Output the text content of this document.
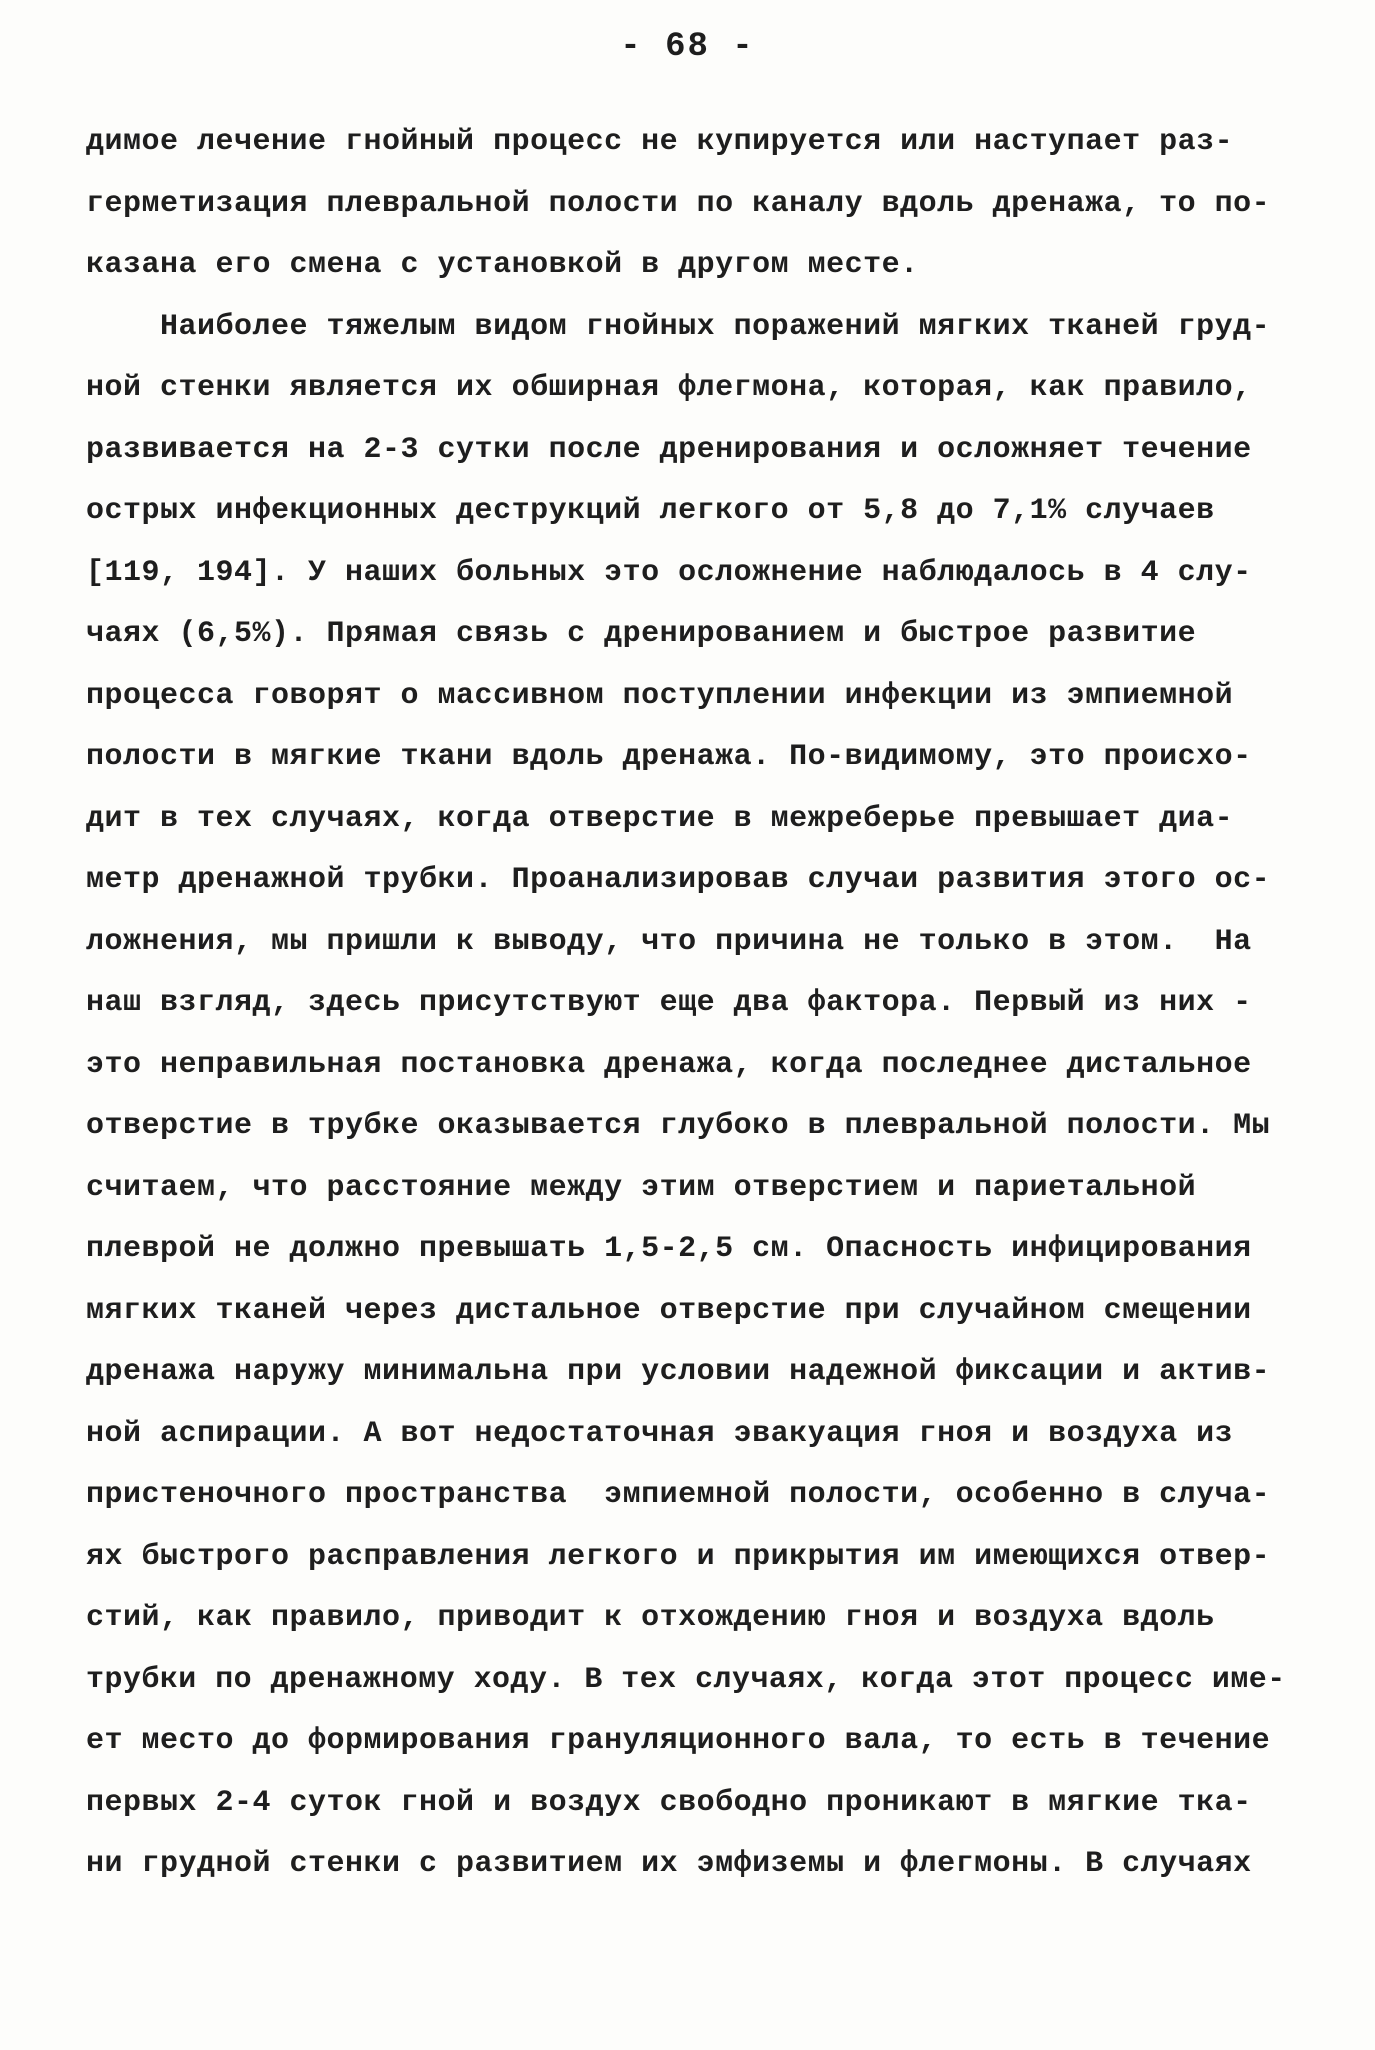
- 68 -
димое лечение гнойный процесс не купируется или наступает раз-
герметизация плевральной полости по каналу вдоль дренажа, то по-
казана его смена с установкой в другом месте.
Наиболее тяжелым видом гнойных поражений мягких тканей груд-
ной стенки является их обширная флегмона, которая, как правило,
развивается на 2-3 сутки после дренирования и осложняет течение
острых инфекционных деструкций легкого от 5,8 до 7,1% случаев
[119, 194]. У наших больных это осложнение наблюдалось в 4 слу-
чаях (6,5%). Прямая связь с дренированием и быстрое развитие
процесса говорят о массивном поступлении инфекции из эмпиемной
полости в мягкие ткани вдоль дренажа. По-видимому, это происхо-
дит в тех случаях, когда отверстие в межреберье превышает диа-
метр дренажной трубки. Проанализировав случаи развития этого ос-
ложнения, мы пришли к выводу, что причина не только в этом.  На
наш взгляд, здесь присутствуют еще два фактора. Первый из них -
это неправильная постановка дренажа, когда последнее дистальное
отверстие в трубке оказывается глубоко в плевральной полости. Мы
считаем, что расстояние между этим отверстием и париетальной
плеврой не должно превышать 1,5-2,5 см. Опасность инфицирования
мягких тканей через дистальное отверстие при случайном смещении
дренажа наружу минимальна при условии надежной фиксации и актив-
ной аспирации. А вот недостаточная эвакуация гноя и воздуха из
пристеночного пространства  эмпиемной полости, особенно в случа-
ях быстрого расправления легкого и прикрытия им имеющихся отвер-
стий, как правило, приводит к отхождению гноя и воздуха вдоль
трубки по дренажному ходу. В тех случаях, когда этот процесс име-
ет место до формирования грануляционного вала, то есть в течение
первых 2-4 суток гной и воздух свободно проникают в мягкие тка-
ни грудной стенки с развитием их эмфиземы и флегмоны. В случаях
